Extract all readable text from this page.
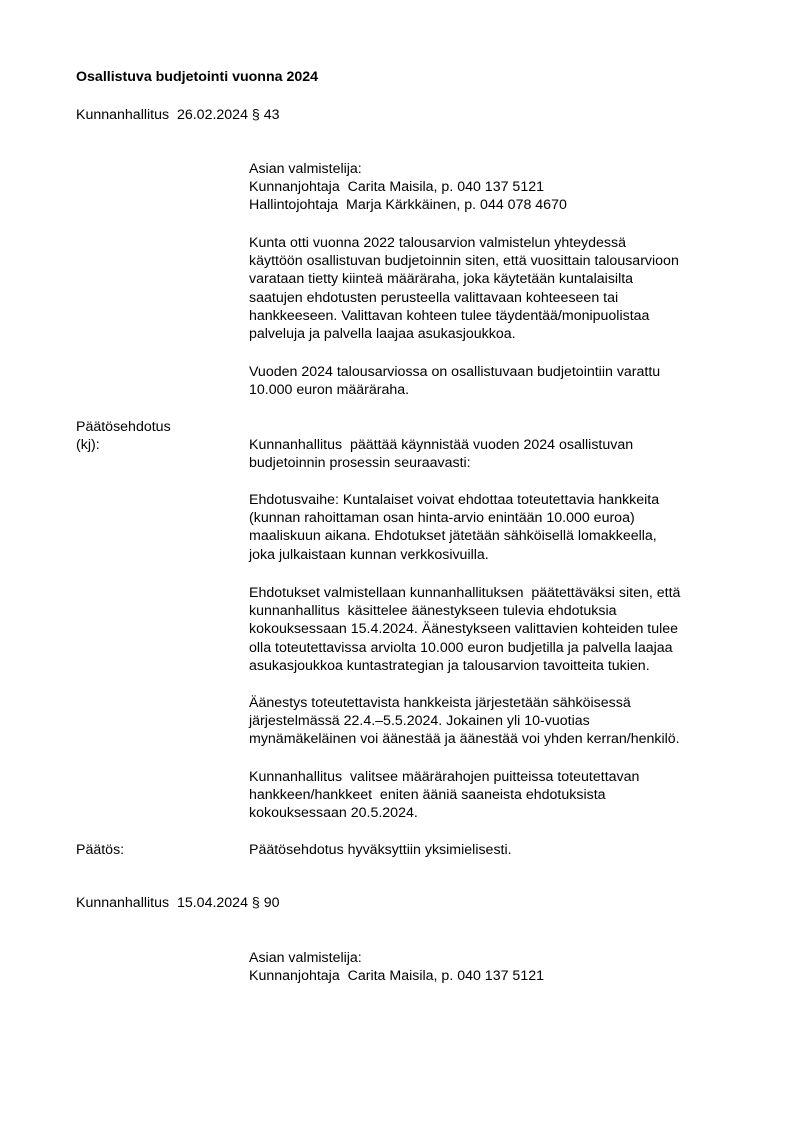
Osallistuva budjetointi vuonna 2024
Kunnanhallitus  26.02.2024 § 43
Asian valmistelija:
Kunnanjohtaja  Carita Maisila, p. 040 137 5121
Hallintojohtaja  Marja Kärkkäinen, p. 044 078 4670
Kunta otti vuonna 2022 talousarvion valmistelun yhteydessä
käyttöön osallistuvan budjetoinnin siten, että vuosittain talousarvioon
varataan tietty kiinteä määräraha, joka käytetään kuntalaisilta
saatujen ehdotusten perusteella valittavaan kohteeseen tai
hankkeeseen. Valittavan kohteen tulee täydentää/monipuolistaa
palveluja ja palvella laajaa asukasjoukkoa.
Vuoden 2024 talousarviossa on osallistuvaan budjetointiin varattu
10.000 euron määräraha.
Päätösehdotus
(kj):	Kunnanhallitus  päättää käynnistää vuoden 2024 osallistuvan
budjetoinnin prosessin seuraavasti:
Ehdotusvaihe: Kuntalaiset voivat ehdottaa toteutettavia hankkeita
(kunnan rahoittaman osan hinta-arvio enintään 10.000 euroa)
maaliskuun aikana. Ehdotukset jätetään sähköisellä lomakkeella,
joka julkaistaan kunnan verkkosivuilla.
Ehdotukset valmistellaan kunnanhallituksen  päätettäväksi siten, että
kunnanhallitus  käsittelee äänestykseen tulevia ehdotuksia
kokouksessaan 15.4.2024. Äänestykseen valittavien kohteiden tulee
olla toteutettavissa arviolta 10.000 euron budjetilla ja palvella laajaa
asukasjoukkoa kuntastrategian ja talousarvion tavoitteita tukien.
Äänestys toteutettavista hankkeista järjestetään sähköisessä
järjestelmässä 22.4.–5.5.2024. Jokainen yli 10-vuotias
mynämäkeläinen voi äänestää ja äänestää voi yhden kerran/henkilö.
Kunnanhallitus  valitsee määrärahojen puitteissa toteutettavan
hankkeen/hankkeet  eniten ääniä saaneista ehdotuksista
kokouksessaan 20.5.2024.
Päätös:	Päätösehdotus hyväksyttiin yksimielisesti.
Kunnanhallitus  15.04.2024 § 90
Asian valmistelija:
Kunnanjohtaja  Carita Maisila, p. 040 137 5121
